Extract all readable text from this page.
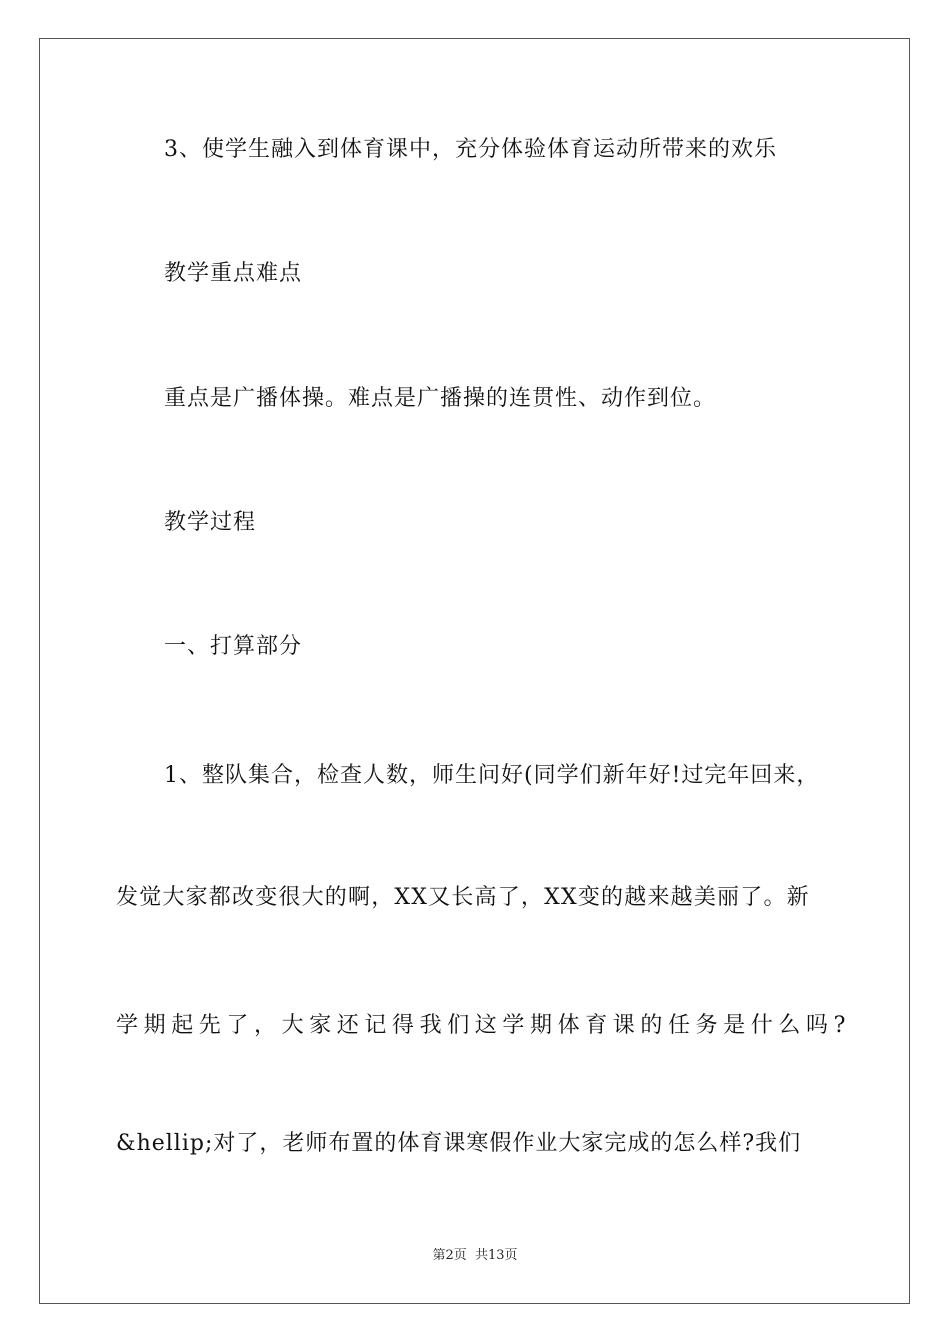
3、使学生融入到体育课中，充分体验体育运动所带来的欢乐
教学重点难点
重点是广播体操。难点是广播操的连贯性、动作到位。
教学过程
一、打算部分
1、整队集合，检查人数，师生问好(同学们新年好!过完年回来，
发觉大家都改变很大的啊，XX又长高了，XX变的越来越美丽了。新
学期起先了，大家还记得我们这学期体育课的任务是什么吗?
&hellip;对了，老师布置的体育课寒假作业大家完成的怎么样?我们
第2页 共13页
